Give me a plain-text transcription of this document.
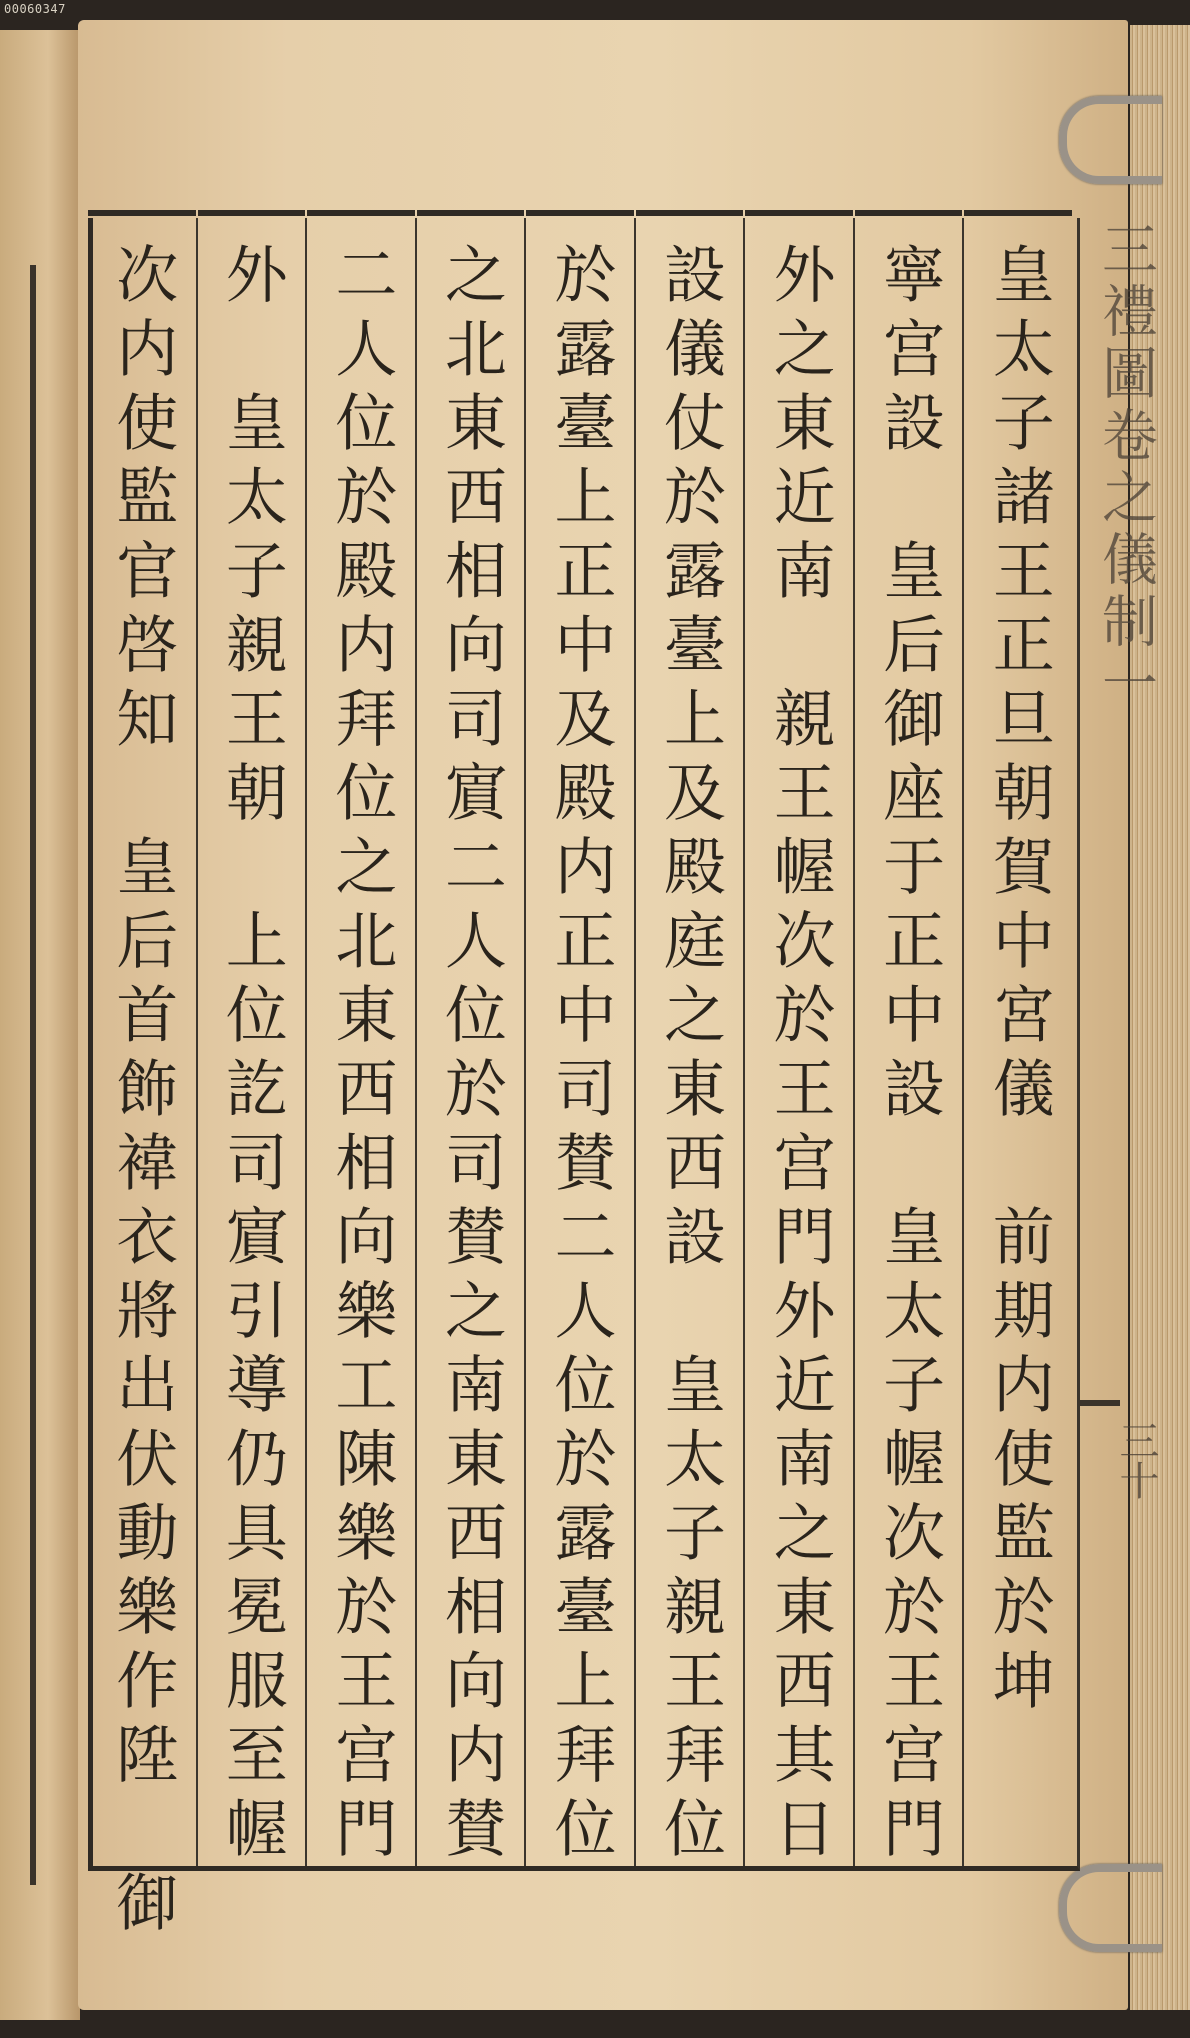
00060347
皇太子諸王正旦朝賀中宮儀　前期内使監於坤
寧宫設　皇后御座于正中設　皇太子幄次於王宫門
外之東近南　親王幄次於王宫門外近南之東西其日
設儀仗於露臺上及殿庭之東西設　皇太子親王拜位
於露臺上正中及殿内正中司賛二人位於露臺上拜位
之北東西相向司賔二人位於司賛之南東西相向内賛
二人位於殿内拜位之北東西相向樂工陳樂於王宫門
外　皇太子親王朝　上位訖司賔引導仍具冕服至幄
次内使監官啓知　皇后首飾褘衣將出伏動樂作陞　御	三禮圖卷之儀制一
三十
